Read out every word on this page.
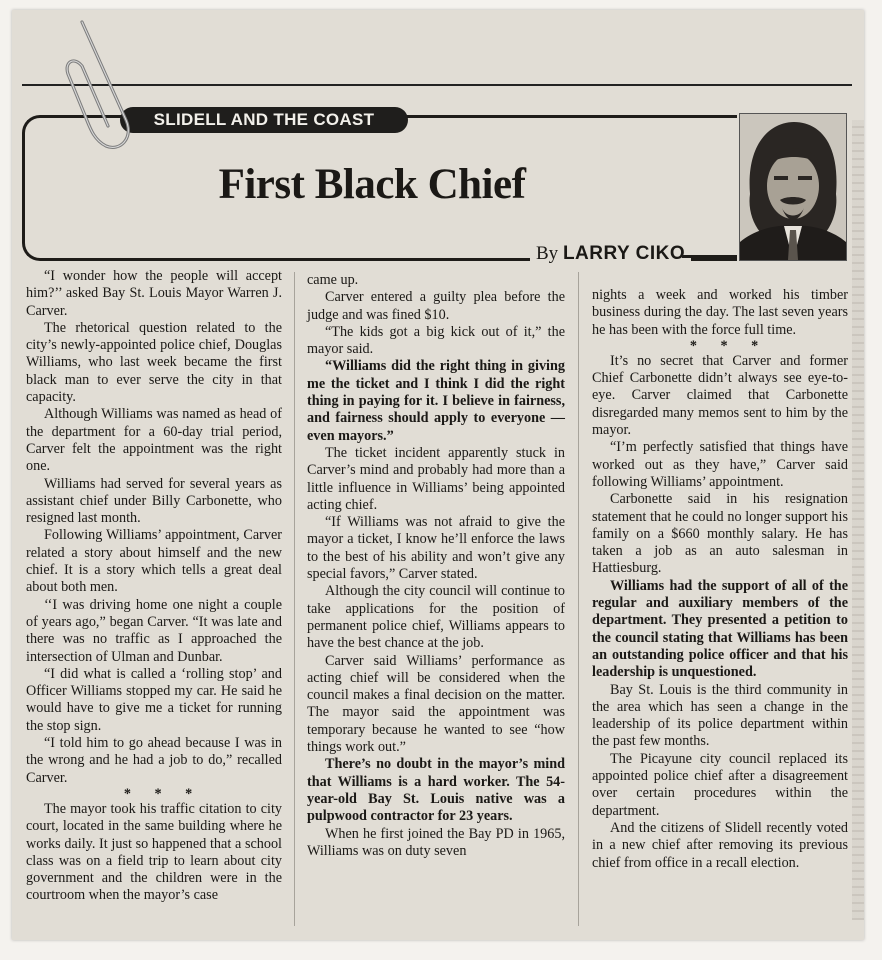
SLIDELL AND THE COAST
First Black Chief
By LARRY CIKO

“I wonder how the people will accept him?’’ asked Bay St. Louis Mayor Warren J. Carver.

The rhetorical question related to the city’s newly-appointed police chief, Douglas Williams, who last week became the first black man to ever serve the city in that capacity.

Although Williams was named as head of the department for a 60-day trial period, Carver felt the appointment was the right one.

Williams had served for several years as assistant chief under Billy Carbonette, who resigned last month.

Following Williams’ appointment, Carver related a story about himself and the new chief. It is a story which tells a great deal about both men.

‘‘I was driving home one night a couple of years ago,” began Carver. “It was late and there was no traffic as I approached the intersection of Ulman and Dunbar.

“I did what is called a ‘rolling stop’ and Officer Williams stopped my car. He said he would have to give me a ticket for running the stop sign.

“I told him to go ahead because I was in the wrong and he had a job to do,” recalled Carver.

* * *

The mayor took his traffic citation to city court, located in the same building where he works daily. It just so happened that a school class was on a field trip to learn about city government and the children were in the courtroom when the mayor’s case

came up.

Carver entered a guilty plea before the judge and was fined $10.

“The kids got a big kick out of it,” the mayor said.

“Williams did the right thing in giving me the ticket and I think I did the right thing in paying for it. I believe in fairness, and fairness should apply to everyone — even mayors.”

The ticket incident apparently stuck in Carver’s mind and probably had more than a little influence in Williams’ being appointed acting chief.

“If Williams was not afraid to give the mayor a ticket, I know he’ll enforce the laws to the best of his ability and won’t give any special favors,” Carver stated.

Although the city council will continue to take applications for the position of permanent police chief, Williams appears to have the best chance at the job.

Carver said Williams’ performance as acting chief will be considered when the council makes a final decision on the matter. The mayor said the appointment was temporary because he wanted to see “how things work out.”

There’s no doubt in the mayor’s mind that Williams is a hard worker. The 54-year-old Bay St. Louis native was a pulpwood contractor for 23 years.

When he first joined the Bay PD in 1965, Williams was on duty seven

nights a week and worked his timber business during the day. The last seven years he has been with the force full time.

* * *

It’s no secret that Carver and former Chief Carbonette didn’t always see eye-to-eye. Carver claimed that Carbonette disregarded many memos sent to him by the mayor.

“I’m perfectly satisfied that things have worked out as they have,” Carver said following Williams’ appointment.

Carbonette said in his resignation statement that he could no longer support his family on a $660 monthly salary. He has taken a job as an auto salesman in Hattiesburg.

Williams had the support of all of the regular and auxiliary members of the department. They presented a petition to the council stating that Williams has been an outstanding police officer and that his leadership is unquestioned.

Bay St. Louis is the third community in the area which has seen a change in the leadership of its police department within the past few months.

The Picayune city council replaced its appointed police chief after a disagreement over certain procedures within the department.

And the citizens of Slidell recently voted in a new chief after removing its previous chief from office in a recall election.
